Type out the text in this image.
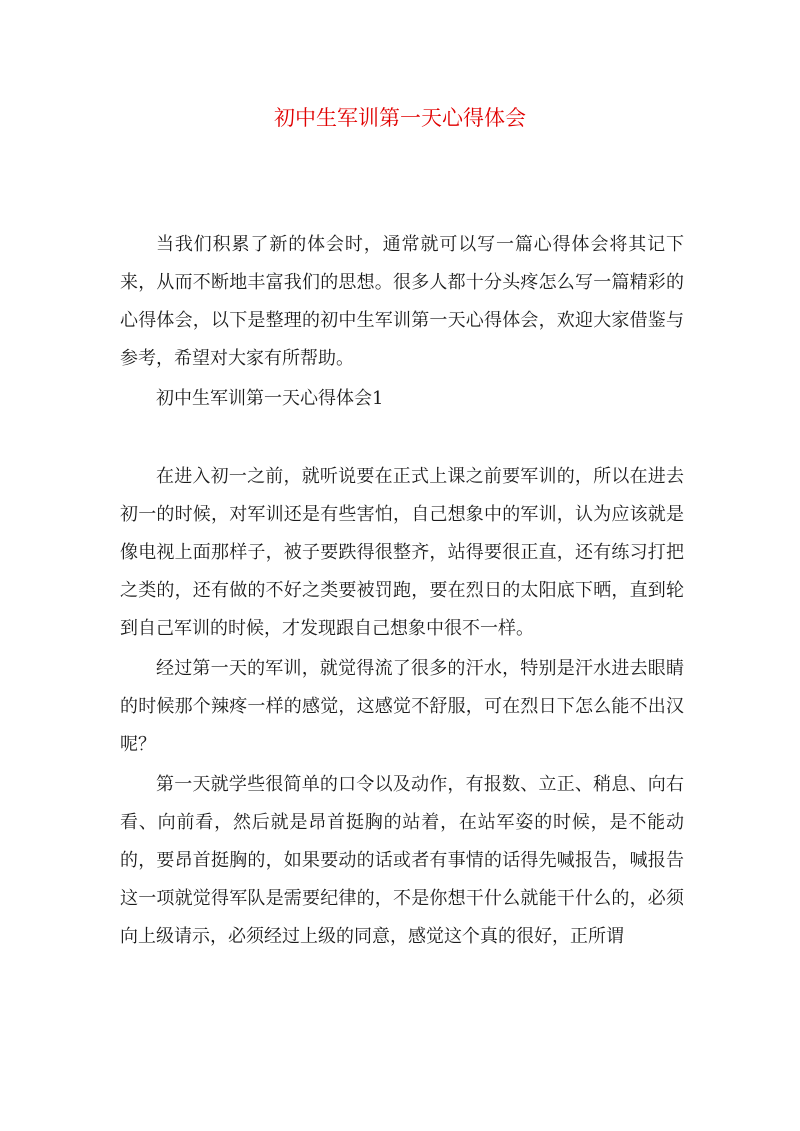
初中生军训第一天心得体会

当我们积累了新的体会时，通常就可以写一篇心得体会将其记下来，从而不断地丰富我们的思想。很多人都十分头疼怎么写一篇精彩的心得体会，以下是整理的初中生军训第一天心得体会，欢迎大家借鉴与参考，希望对大家有所帮助。

初中生军训第一天心得体会1

在进入初一之前，就听说要在正式上课之前要军训的，所以在进去初一的时候，对军训还是有些害怕，自己想象中的军训，认为应该就是像电视上面那样子，被子要跌得很整齐，站得要很正直，还有练习打把之类的，还有做的不好之类要被罚跑，要在烈日的太阳底下晒，直到轮到自己军训的时候，才发现跟自己想象中很不一样。

经过第一天的军训，就觉得流了很多的汗水，特别是汗水进去眼睛的时候那个辣疼一样的感觉，这感觉不舒服，可在烈日下怎么能不出汉呢？

第一天就学些很简单的口令以及动作，有报数、立正、稍息、向右看、向前看，然后就是昂首挺胸的站着，在站军姿的时候，是不能动的，要昂首挺胸的，如果要动的话或者有事情的话得先喊报告，喊报告这一项就觉得军队是需要纪律的，不是你想干什么就能干什么的，必须向上级请示，必须经过上级的同意，感觉这个真的很好，正所谓
